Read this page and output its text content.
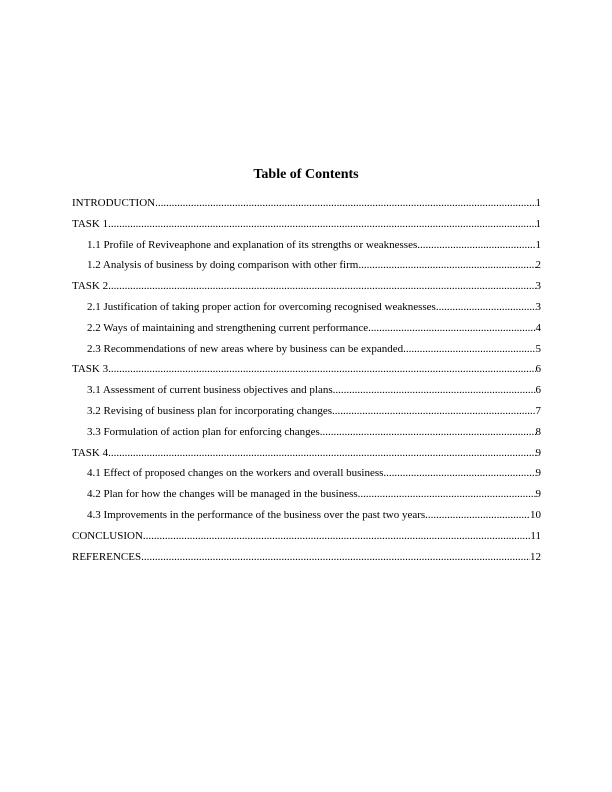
Table of Contents
INTRODUCTION .....	1
TASK 1 .....	1
1.1 Profile of Reviveaphone and explanation of its strengths or weaknesses .....	1
1.2 Analysis of business by doing comparison with other firm .....	2
TASK 2 .....	3
2.1 Justification of taking proper action for overcoming recognised weaknesses .....	3
2.2 Ways of maintaining and strengthening current performance .....	4
2.3 Recommendations of new areas where by business can be expanded .....	5
TASK 3 .....	6
3.1 Assessment of current business objectives and plans .....	6
3.2 Revising of business plan for incorporating changes .....	7
3.3 Formulation of action plan for enforcing changes .....	8
TASK 4 .....	9
4.1 Effect of proposed changes on the workers and overall business .....	9
4.2 Plan for how the changes will be managed in the business .....	9
4.3 Improvements in the performance of the business over the past two years .....	10
CONCLUSION .....	11
REFERENCES .....	12
